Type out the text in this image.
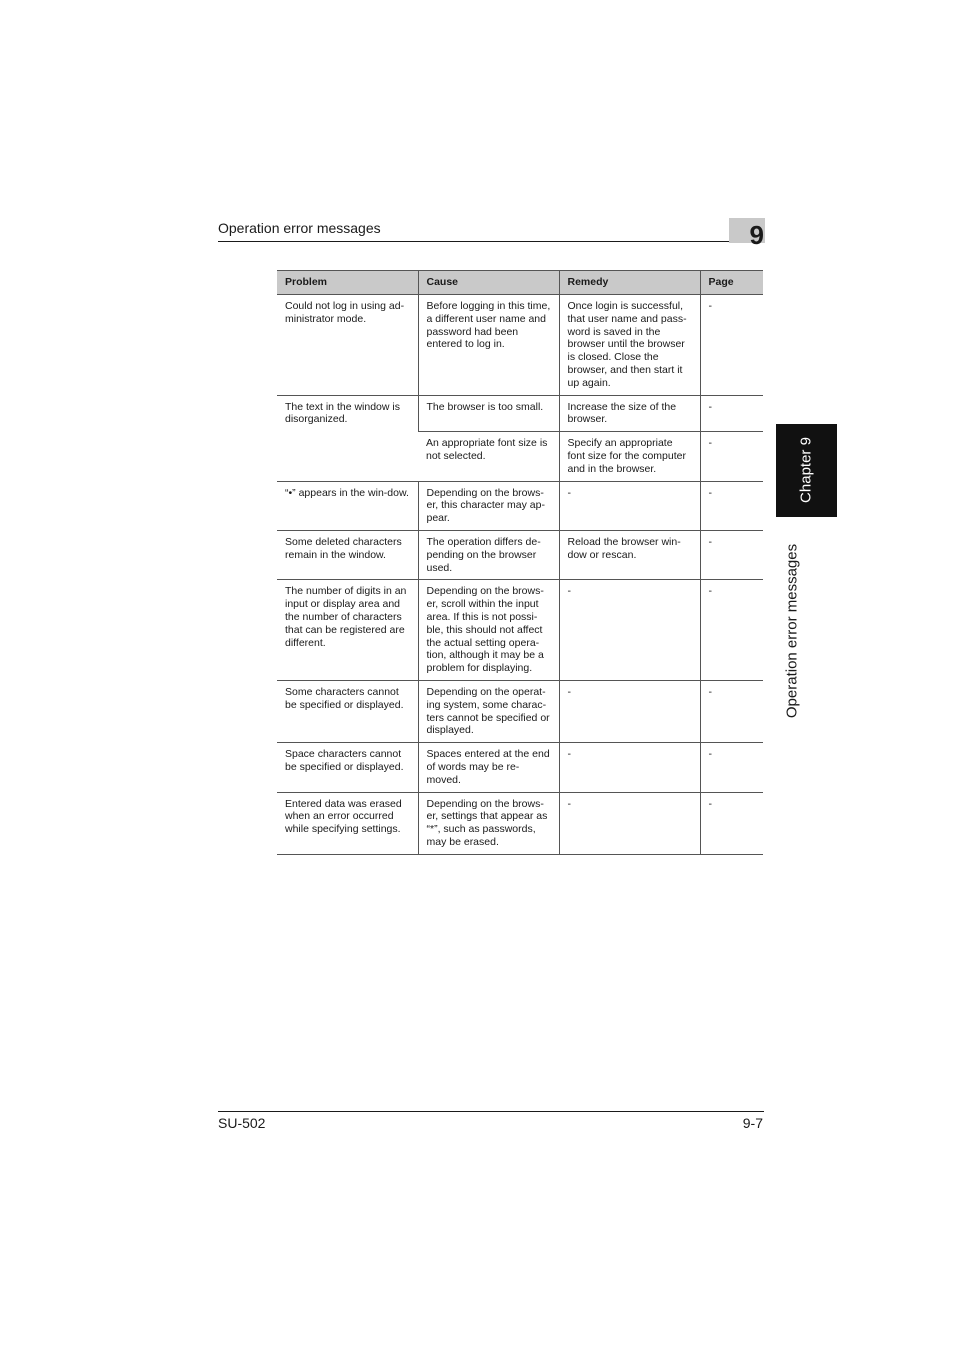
Operation error messages	9
Problem	Cause	Remedy	Page
Could not log in using ad-ministrator mode.	Before logging in this time, a different user name and password had been entered to log in.	Once login is successful, that user name and pass-word is saved in the browser until the browser is closed. Close the browser, and then start it up again.	-
The text in the window is disorganized.	The browser is too small.	Increase the size of the browser.	-
	An appropriate font size is not selected.	Specify an appropriate font size for the computer and in the browser.	-
“•” appears in the win-dow.	Depending on the brows-er, this character may ap-pear.	-	-
Some deleted characters remain in the window.	The operation differs de-pending on the browser used.	Reload the browser win-dow or rescan.	-
The number of digits in an input or display area and the number of characters that can be registered are different.	Depending on the brows-er, scroll within the input area. If this is not possi-ble, this should not affect the actual setting opera-tion, although it may be a problem for displaying.	-	-
Some characters cannot be specified or displayed.	Depending on the operat-ing system, some charac-ters cannot be specified or displayed.	-	-
Space characters cannot be specified or displayed.	Spaces entered at the end of words may be re-moved.	-	-
Entered data was erased when an error occurred while specifying settings.	Depending on the brows-er, settings that appear as “*”, such as passwords, may be erased.	-	-
Chapter 9
Operation error messages
SU-502	9-7
